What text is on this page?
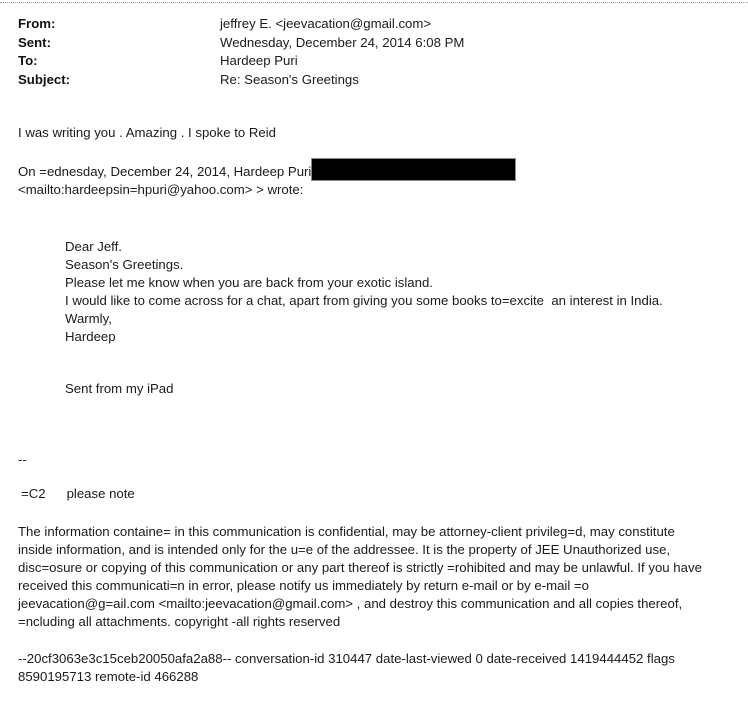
From:	jeffrey E. <jeevacation@gmail.com>
Sent:	Wednesday, December 24, 2014 6:08 PM
To:	Hardeep Puri
Subject:	Re: Season's Greetings
I was writing you . Amazing . I spoke to Reid
On =ednesday, December 24, 2014, Hardeep Puri
<mailto:hardeepsin=hpuri@yahoo.com> > wrote:
Dear Jeff.
Season's Greetings.
Please let me know when you are back from your exotic island.
I would like to come across for a chat, apart from giving you some books to=excite  an interest in India.
Warmly,
Hardeep
Sent from my iPad
--
=C2 please note
The information containe= in this communication is confidential, may be attorney-client privileg=d, may constitute
inside information, and is intended only for the u=e of the addressee. It is the property of JEE Unauthorized use,
disc=osure or copying of this communication or any part thereof is strictly =rohibited and may be unlawful. If you have
received this communicati=n in error, please notify us immediately by return e-mail or by e-mail =o
jeevacation@g=ail.com <mailto:jeevacation@gmail.com> , and destroy this communication and all copies thereof,
=ncluding all attachments. copyright -all rights reserved
--20cf3063e3c15ceb20050afa2a88-- conversation-id 310447 date-last-viewed 0 date-received 1419444452 flags
8590195713 remote-id 466288
